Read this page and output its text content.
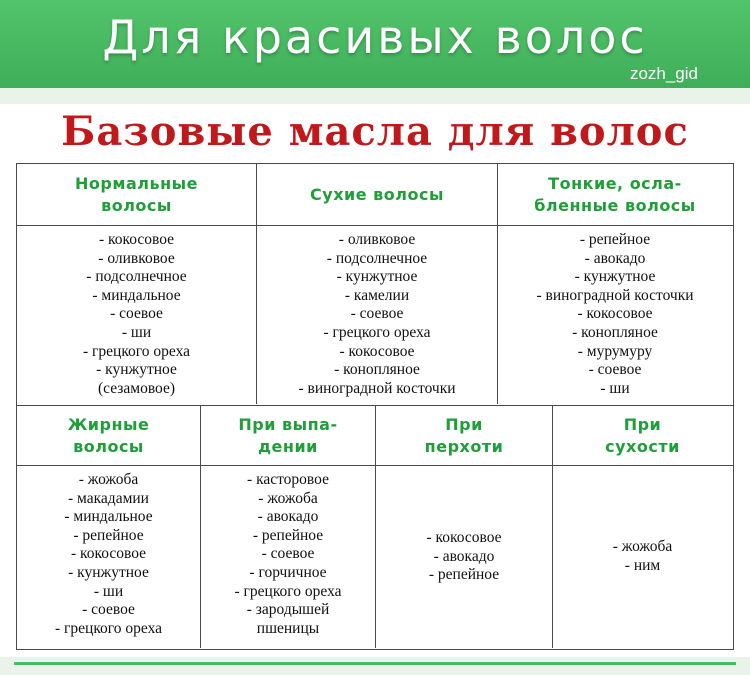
Для красивых волос
zozh_gid
Базовые масла для волос
Нормальные
волосы
Сухие волосы
Тонкие, осла-
бленные волосы
- кокосовое
- оливковое
- подсолнечное
- миндальное
- соевое
- ши
- грецкого ореха
- кунжутное
(сезамовое)
- оливковое
- подсолнечное
- кунжутное
- камелии
- соевое
- грецкого ореха
- кокосовое
- конопляное
- виноградной косточки
- репейное
- авокадо
- кунжутное
- виноградной косточки
- кокосовое
- конопляное
- мурумуру
- соевое
- ши
Жирные
волосы
При выпа-
дении
При
перхоти
При
сухости
- жожоба
- макадамии
- миндальное
- репейное
- кокосовое
- кунжутное
- ши
- соевое
- грецкого ореха
- касторовое
- жожоба
- авокадо
- репейное
- соевое
- горчичное
- грецкого ореха
- зародышей
пшеницы
- кокосовое
- авокадо
- репейное
- жожоба
- ним
